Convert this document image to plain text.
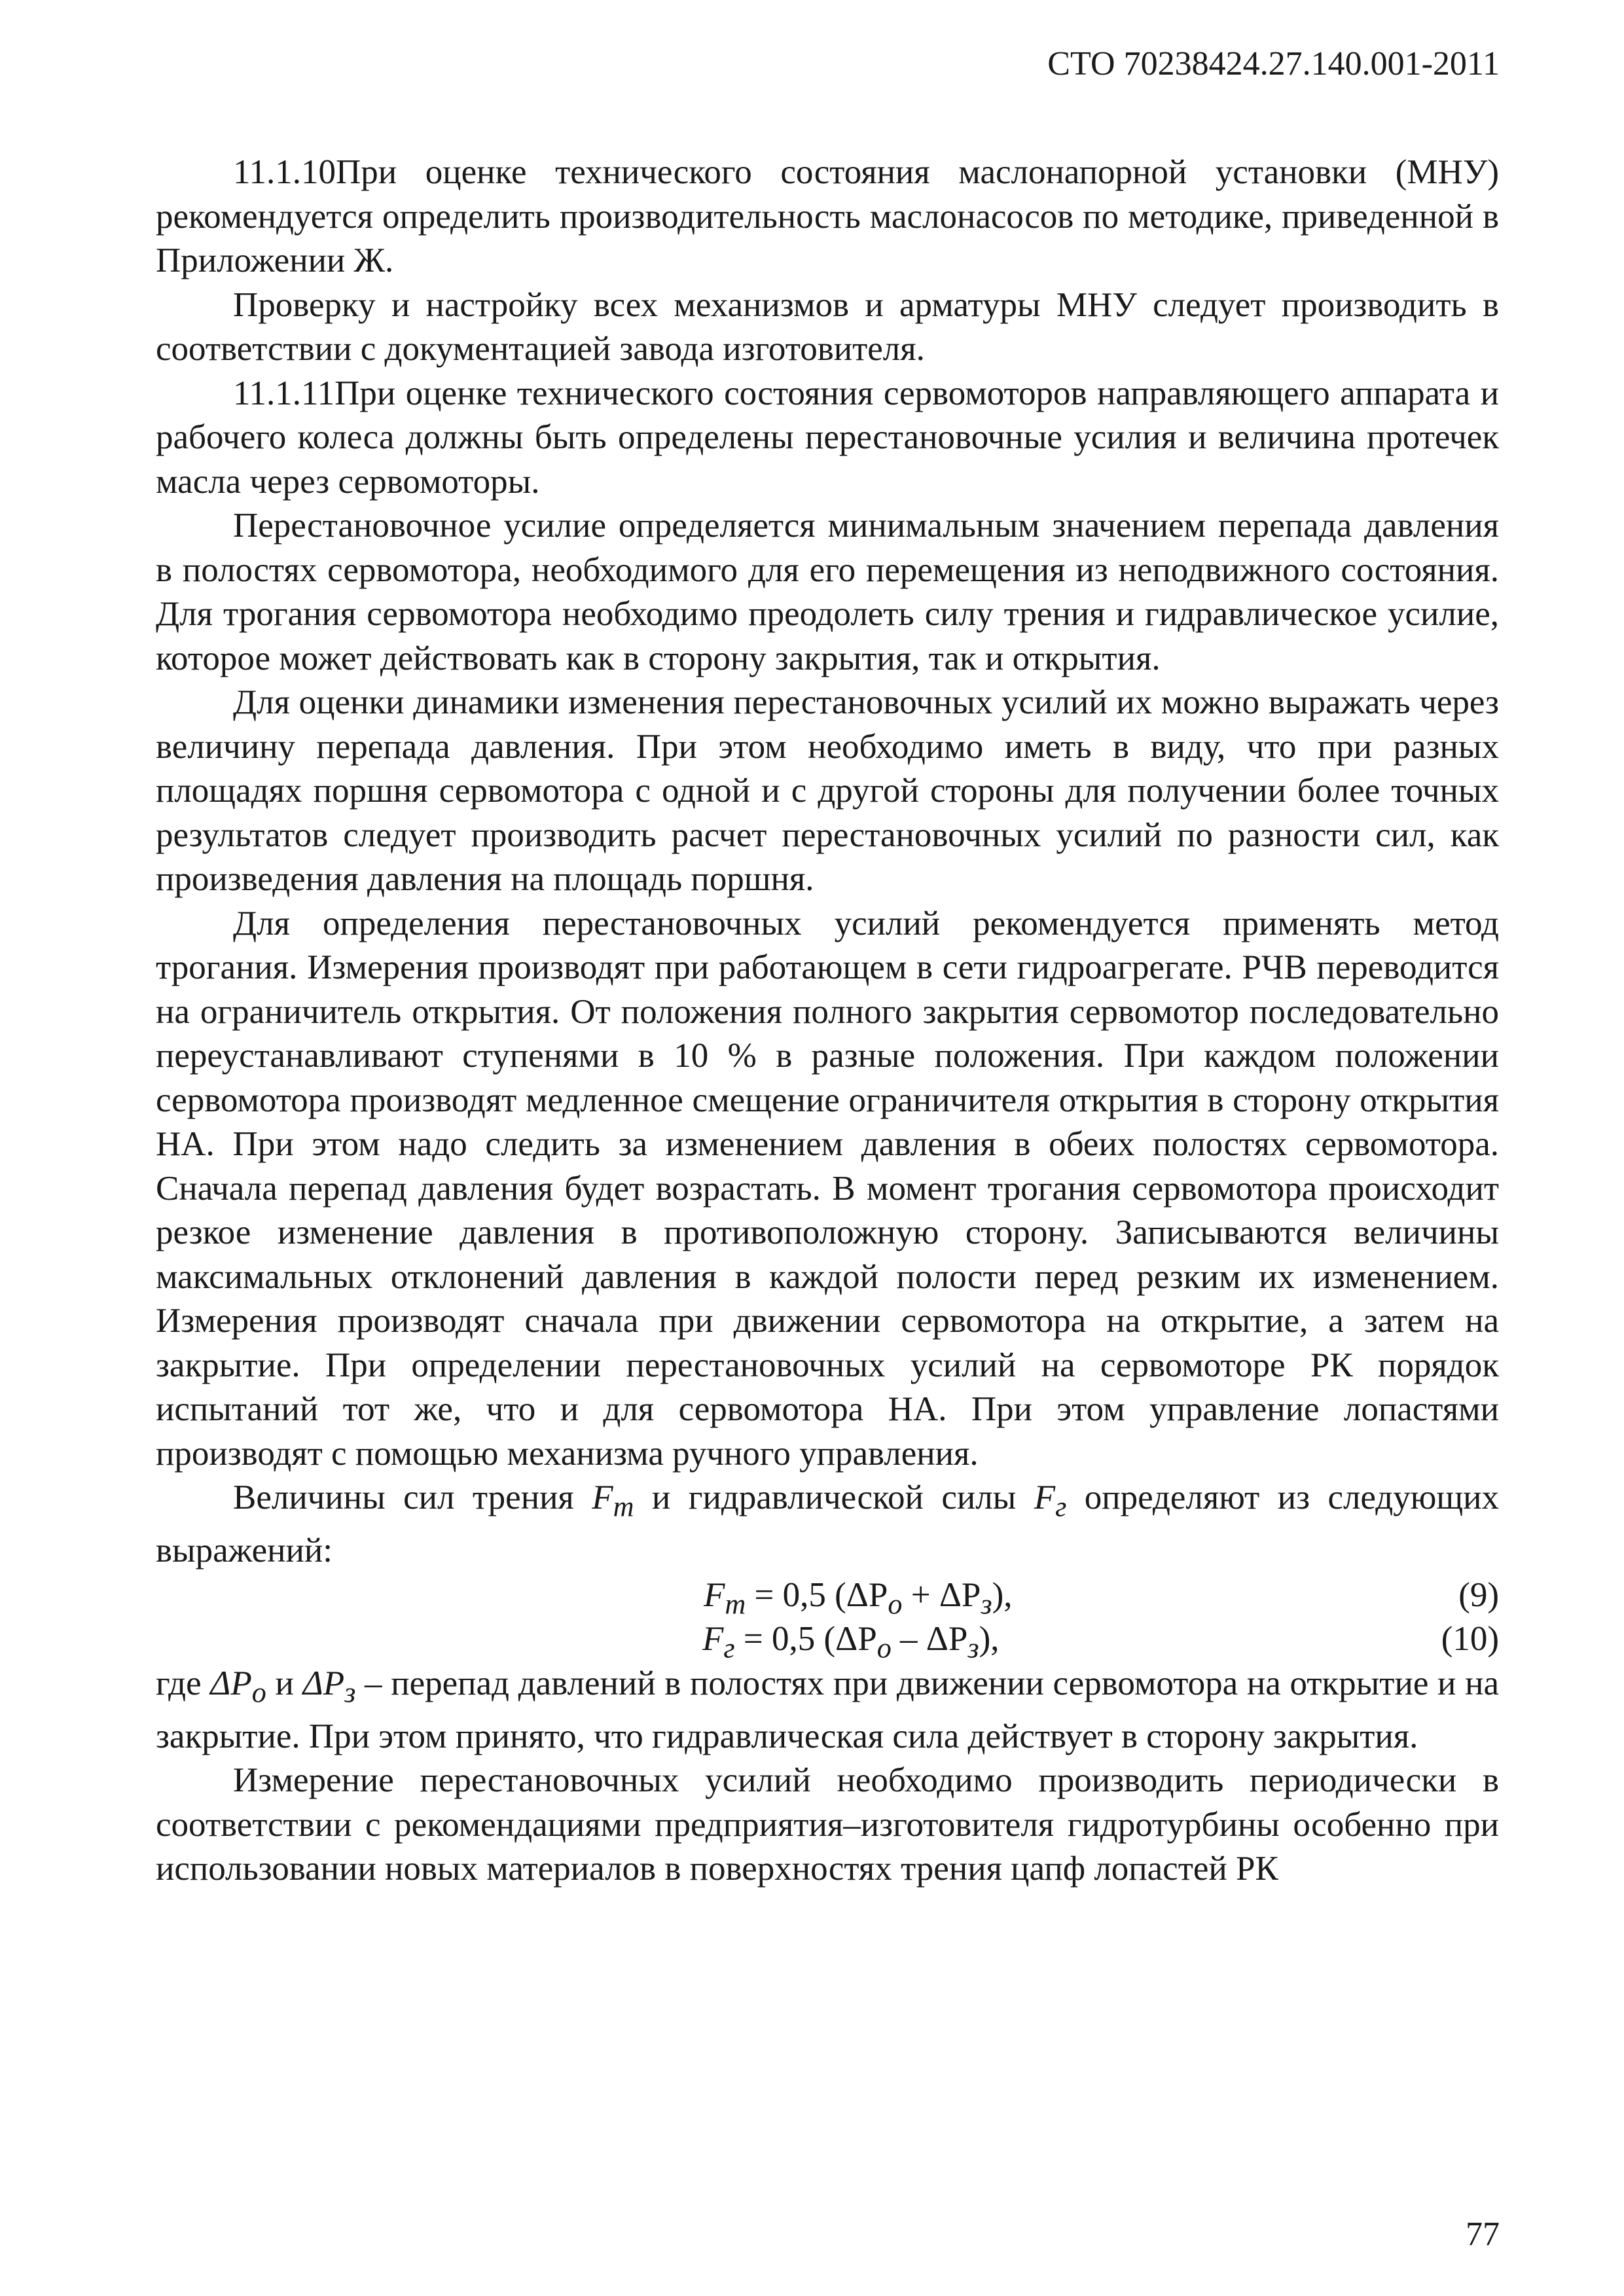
СТО 70238424.27.140.001-2011

11.1.10При оценке технического состояния маслонапорной установки (МНУ) рекомендуется определить производительность маслонасосов по методике, приведенной в Приложении Ж.

Проверку и настройку всех механизмов и арматуры МНУ следует производить в соответствии с документацией завода изготовителя.

11.1.11При оценке технического состояния сервомоторов направляющего аппарата и рабочего колеса должны быть определены перестановочные усилия и величина протечек масла через сервомоторы.

Перестановочное усилие определяется минимальным значением перепада давления в полостях сервомотора, необходимого для его перемещения из неподвижного состояния. Для трогания сервомотора необходимо преодолеть силу трения и гидравлическое усилие, которое может действовать как в сторону закрытия, так и открытия.

Для оценки динамики изменения перестановочных усилий их можно выражать через величину перепада давления. При этом необходимо иметь в виду, что при разных площадях поршня сервомотора с одной и с другой стороны для получении более точных результатов следует производить расчет перестановочных усилий по разности сил, как произведения давления на площадь поршня.

Для определения перестановочных усилий рекомендуется применять метод трогания. Измерения производят при работающем в сети гидроагрегате. РЧВ переводится на ограничитель открытия. От положения полного закрытия сервомотор последовательно переустанавливают ступенями в 10 % в разные положения. При каждом положении сервомотора производят медленное смещение ограничителя открытия в сторону открытия НА. При этом надо следить за изменением давления в обеих полостях сервомотора. Сначала перепад давления будет возрастать. В момент трогания сервомотора происходит резкое изменение давления в противоположную сторону. Записываются величины максимальных отклонений давления в каждой полости перед резким их изменением. Измерения производят сначала при движении сервомотора на открытие, а затем на закрытие. При определении перестановочных усилий на сервомоторе РК порядок испытаний тот же, что и для сервомотора НА. При этом управление лопастями производят с помощью механизма ручного управления.

Величины сил трения $F_т$ и гидравлической силы $F_г$ определяют из следующих выражений:

$F_т = 0,5$ $(\Delta P_о + \Delta P_з)$,	(9)
$F_г = 0,5$ $(\Delta P_о - \Delta P_з)$,	(10)

где $\Delta P_о$ и $\Delta P_з$ – перепад давлений в полостях при движении сервомотора на открытие и на закрытие. При этом принято, что гидравлическая сила действует в сторону закрытия.

Измерение перестановочных усилий необходимо производить периодически в соответствии с рекомендациями предприятия–изготовителя гидротурбины особенно при использовании новых материалов в поверхностях трения цапф лопастей РК

77
